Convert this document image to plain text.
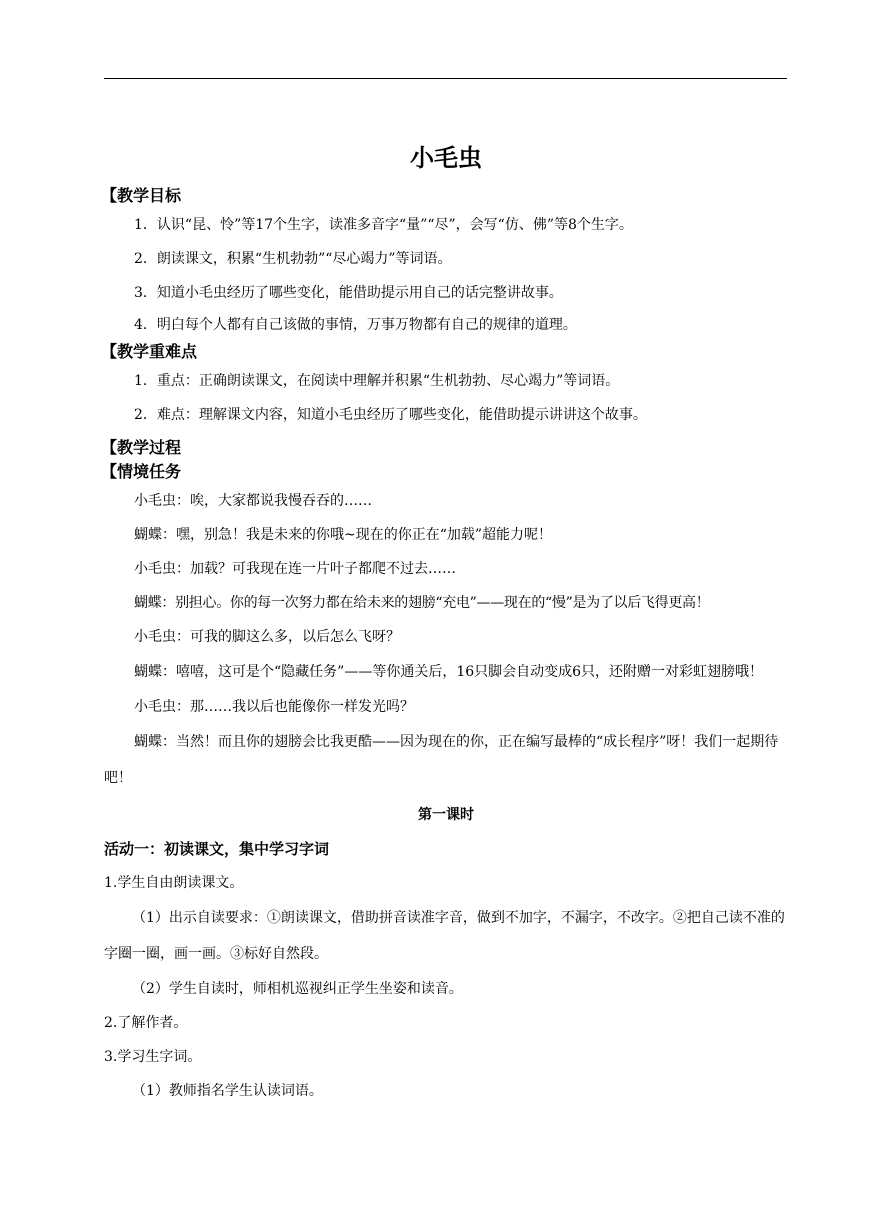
小毛虫
【教学目标
1．认识“昆、怜”等17个生字，读准多音字“量”“尽”，会写“仿、佛”等8个生字。
2．朗读课文，积累“生机勃勃”“尽心竭力”等词语。
3．知道小毛虫经历了哪些变化，能借助提示用自己的话完整讲故事。
4．明白每个人都有自己该做的事情，万事万物都有自己的规律的道理。
【教学重难点
1．重点：正确朗读课文，在阅读中理解并积累“生机勃勃、尽心竭力”等词语。
2．难点：理解课文内容，知道小毛虫经历了哪些变化，能借助提示讲讲这个故事。
【教学过程
【情境任务
小毛虫：唉，大家都说我慢吞吞的……
蝴蝶：嘿，别急！我是未来的你哦~现在的你正在“加载”超能力呢！
小毛虫：加载？可我现在连一片叶子都爬不过去……
蝴蝶：别担心。你的每一次努力都在给未来的翅膀“充电”——现在的“慢”是为了以后飞得更高！
小毛虫：可我的脚这么多，以后怎么飞呀？
蝴蝶：嘻嘻，这可是个“隐藏任务”——等你通关后，16只脚会自动变成6只，还附赠一对彩虹翅膀哦！
小毛虫：那……我以后也能像你一样发光吗？
蝴蝶：当然！而且你的翅膀会比我更酷——因为现在的你，正在编写最棒的“成长程序”呀！我们一起期待吧！
第一课时
活动一：初读课文，集中学习字词
1.学生自由朗读课文。
（1）出示自读要求：①朗读课文，借助拼音读准字音，做到不加字，不漏字，不改字。②把自己读不准的字圈一圈，画一画。③标好自然段。
（2）学生自读时，师相机巡视纠正学生坐姿和读音。
2.了解作者。
3.学习生字词。
（1）教师指名学生认读词语。
